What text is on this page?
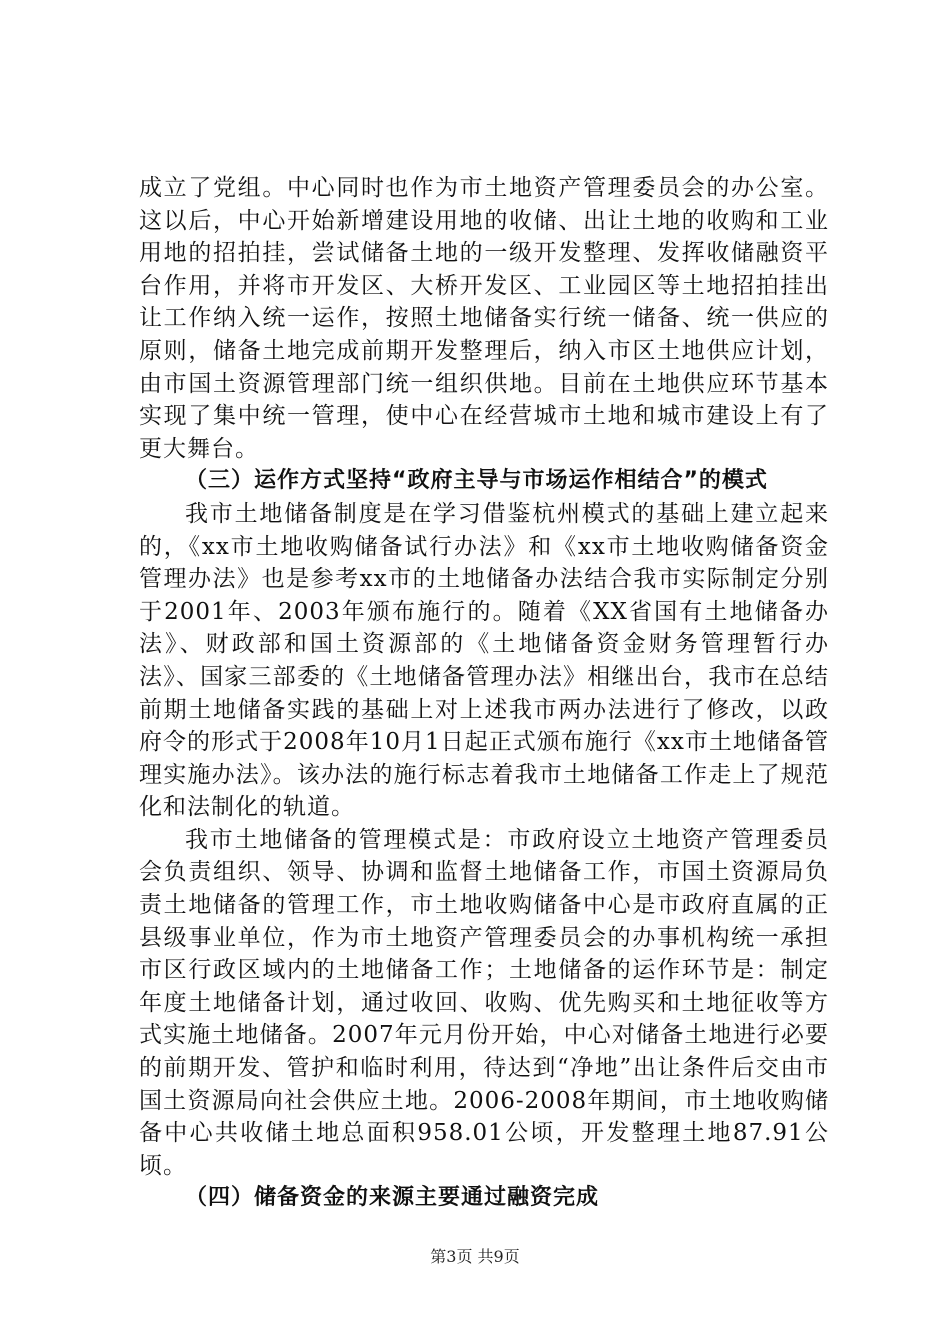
成立了党组。中心同时也作为市土地资产管理委员会的办公室。这以后，中心开始新增建设用地的收储、出让土地的收购和工业用地的招拍挂，尝试储备土地的一级开发整理、发挥收储融资平台作用，并将市开发区、大桥开发区、工业园区等土地招拍挂出让工作纳入统一运作，按照土地储备实行统一储备、统一供应的原则，储备土地完成前期开发整理后，纳入市区土地供应计划，由市国土资源管理部门统一组织供地。目前在土地供应环节基本实现了集中统一管理，使中心在经营城市土地和城市建设上有了更大舞台。

（三）运作方式坚持“政府主导与市场运作相结合”的模式

我市土地储备制度是在学习借鉴杭州模式的基础上建立起来的，《xx市土地收购储备试行办法》和《xx市土地收购储备资金管理办法》也是参考xx市的土地储备办法结合我市实际制定分别于2001年、2003年颁布施行的。随着《XX省国有土地储备办法》、财政部和国土资源部的《土地储备资金财务管理暂行办法》、国家三部委的《土地储备管理办法》相继出台，我市在总结前期土地储备实践的基础上对上述我市两办法进行了修改，以政府令的形式于2008年10月1日起正式颁布施行《xx市土地储备管理实施办法》。该办法的施行标志着我市土地储备工作走上了规范化和法制化的轨道。

我市土地储备的管理模式是：市政府设立土地资产管理委员会负责组织、领导、协调和监督土地储备工作，市国土资源局负责土地储备的管理工作，市土地收购储备中心是市政府直属的正县级事业单位，作为市土地资产管理委员会的办事机构统一承担市区行政区域内的土地储备工作；土地储备的运作环节是：制定年度土地储备计划，通过收回、收购、优先购买和土地征收等方式实施土地储备。2007年元月份开始，中心对储备土地进行必要的前期开发、管护和临时利用，待达到“净地”出让条件后交由市国土资源局向社会供应土地。2006-2008年期间，市土地收购储备中心共收储土地总面积958.01公顷，开发整理土地87.91公顷。

（四）储备资金的来源主要通过融资完成

第3页 共9页
